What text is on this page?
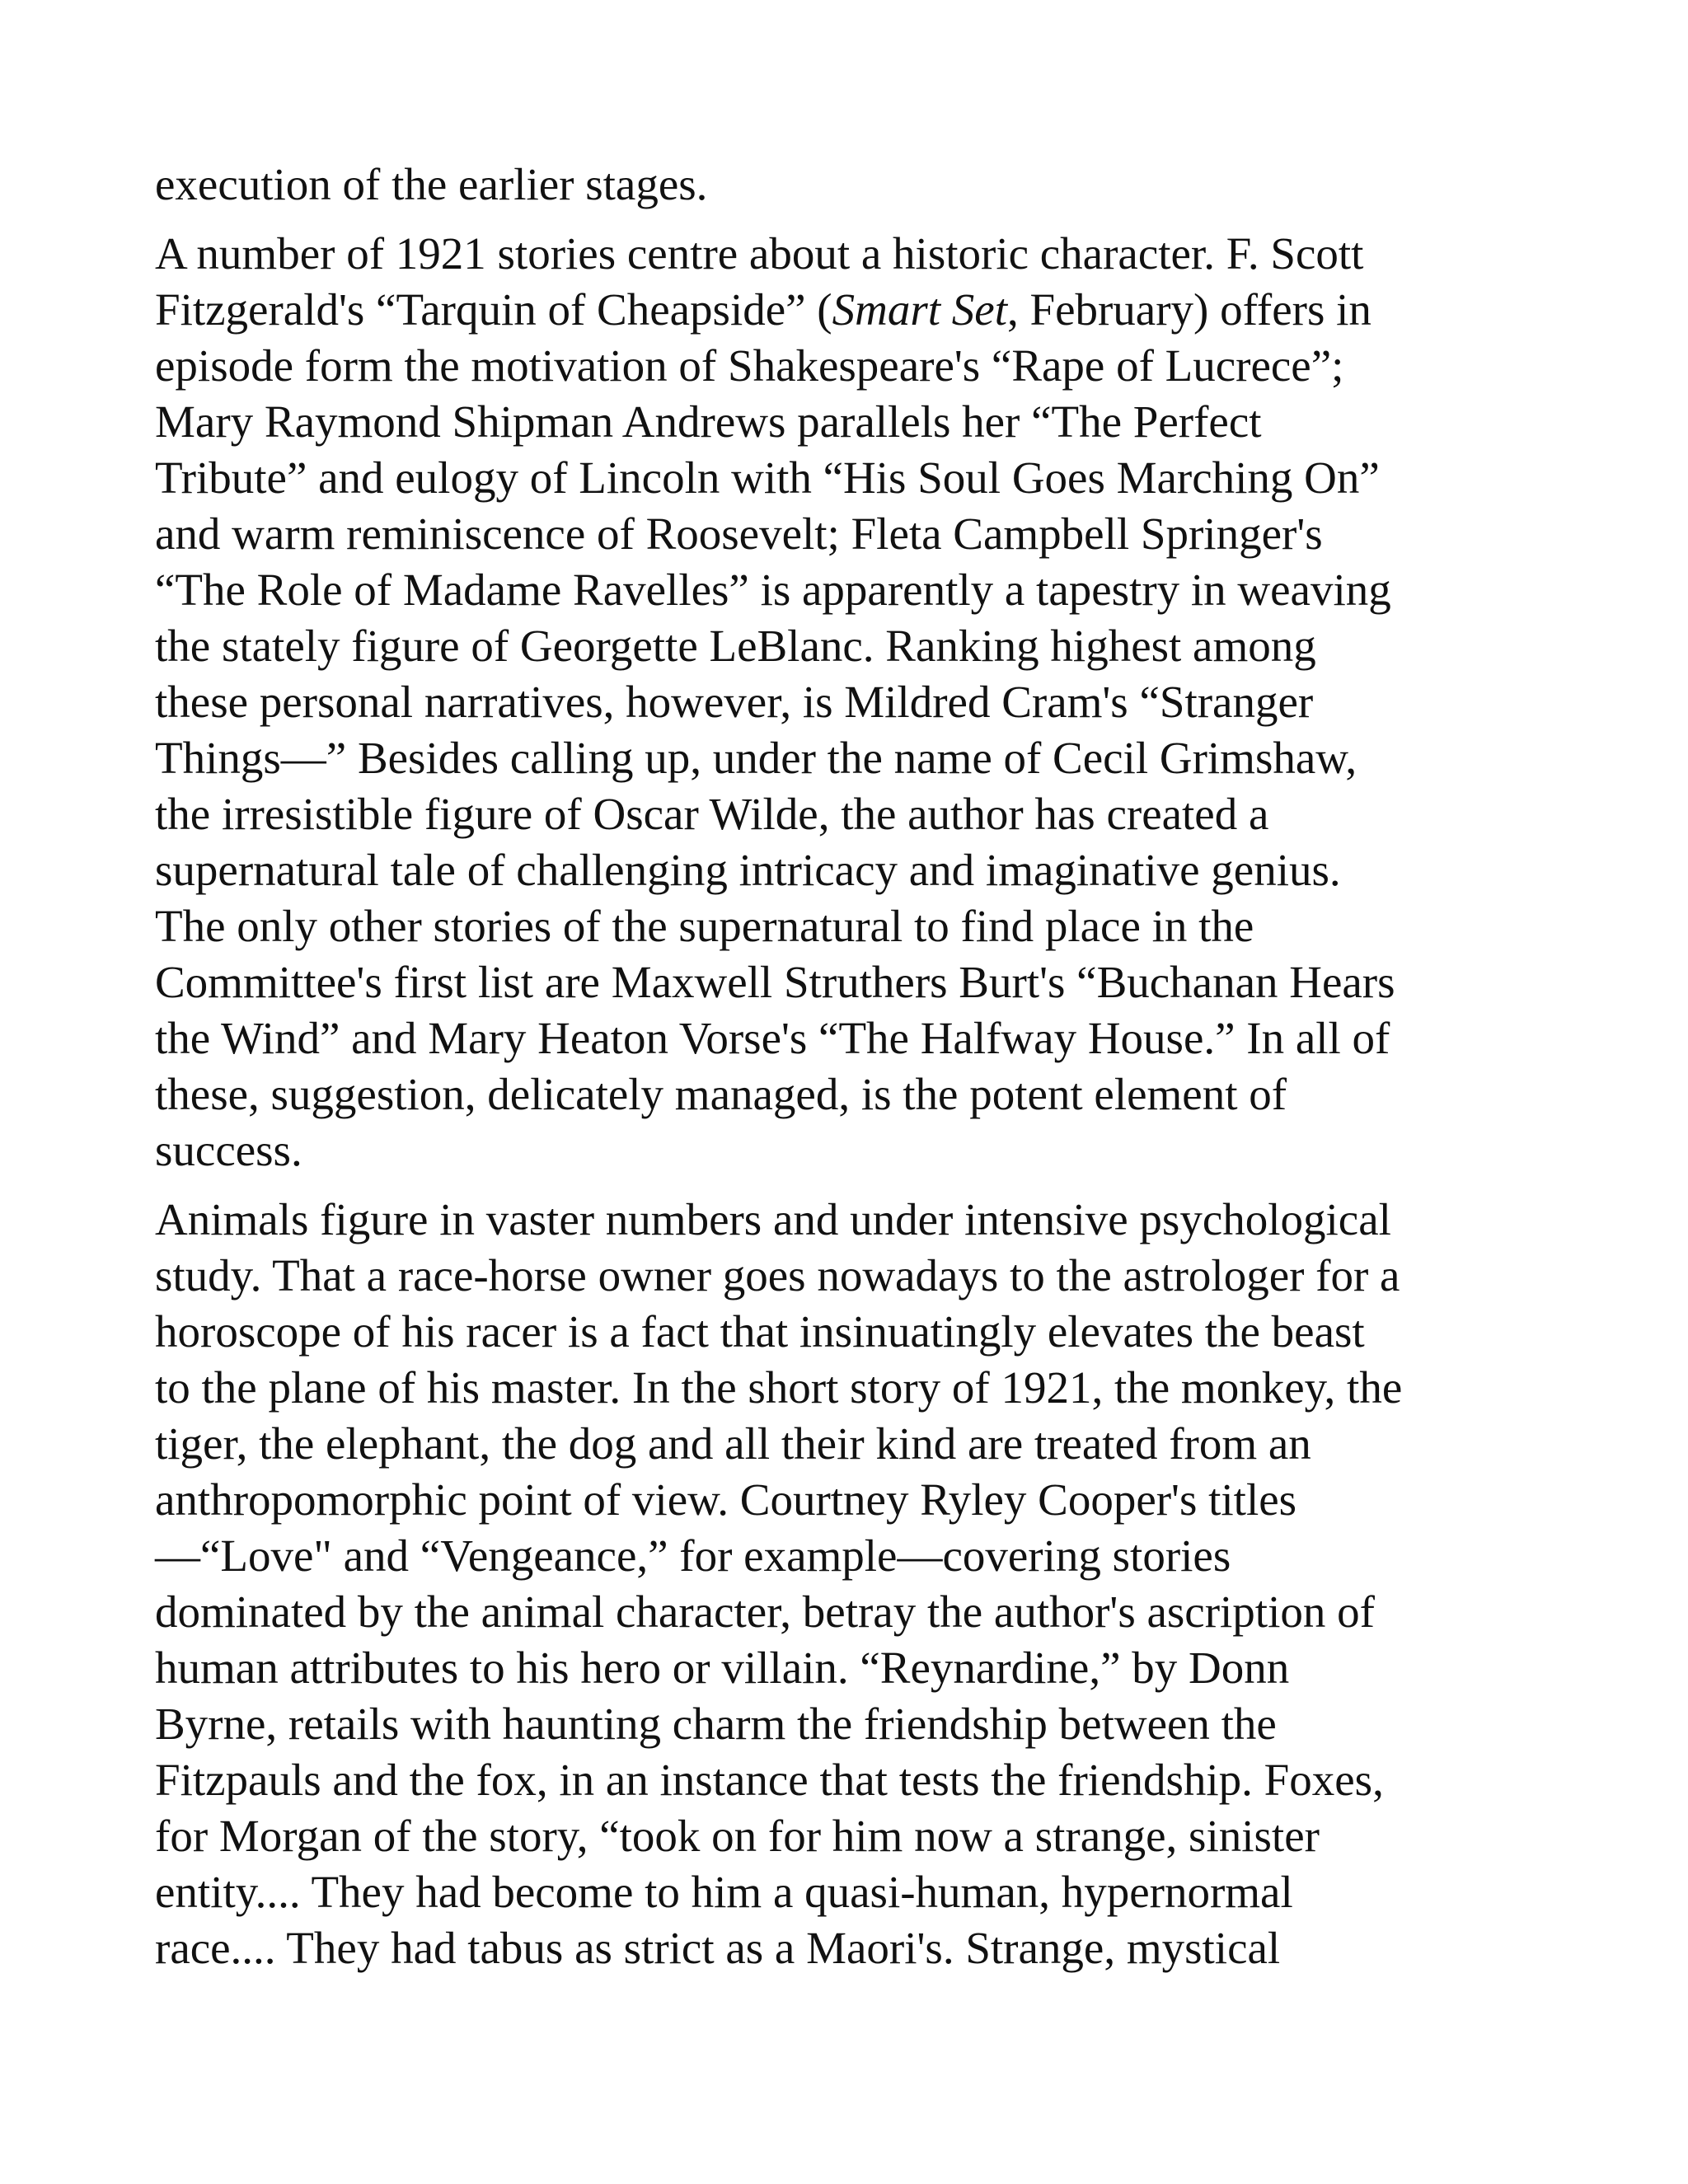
execution of the earlier stages.
A number of 1921 stories centre about a historic character. F. Scott
Fitzgerald's “Tarquin of Cheapside” (Smart Set, February) offers in
episode form the motivation of Shakespeare's “Rape of Lucrece”;
Mary Raymond Shipman Andrews parallels her “The Perfect
Tribute” and eulogy of Lincoln with “His Soul Goes Marching On”
and warm reminiscence of Roosevelt; Fleta Campbell Springer's
“The Role of Madame Ravelles” is apparently a tapestry in weaving
the stately figure of Georgette LeBlanc. Ranking highest among
these personal narratives, however, is Mildred Cram's “Stranger
Things—” Besides calling up, under the name of Cecil Grimshaw,
the irresistible figure of Oscar Wilde, the author has created a
supernatural tale of challenging intricacy and imaginative genius.
The only other stories of the supernatural to find place in the
Committee's first list are Maxwell Struthers Burt's “Buchanan Hears
the Wind” and Mary Heaton Vorse's “The Halfway House.” In all of
these, suggestion, delicately managed, is the potent element of
success.
Animals figure in vaster numbers and under intensive psychological
study. That a race-horse owner goes nowadays to the astrologer for a
horoscope of his racer is a fact that insinuatingly elevates the beast
to the plane of his master. In the short story of 1921, the monkey, the
tiger, the elephant, the dog and all their kind are treated from an
anthropomorphic point of view. Courtney Ryley Cooper's titles
—“Love" and “Vengeance,” for example—covering stories
dominated by the animal character, betray the author's ascription of
human attributes to his hero or villain. “Reynardine,” by Donn
Byrne, retails with haunting charm the friendship between the
Fitzpauls and the fox, in an instance that tests the friendship. Foxes,
for Morgan of the story, “took on for him now a strange, sinister
entity.... They had become to him a quasi-human, hypernormal
race.... They had tabus as strict as a Maori's. Strange, mystical
